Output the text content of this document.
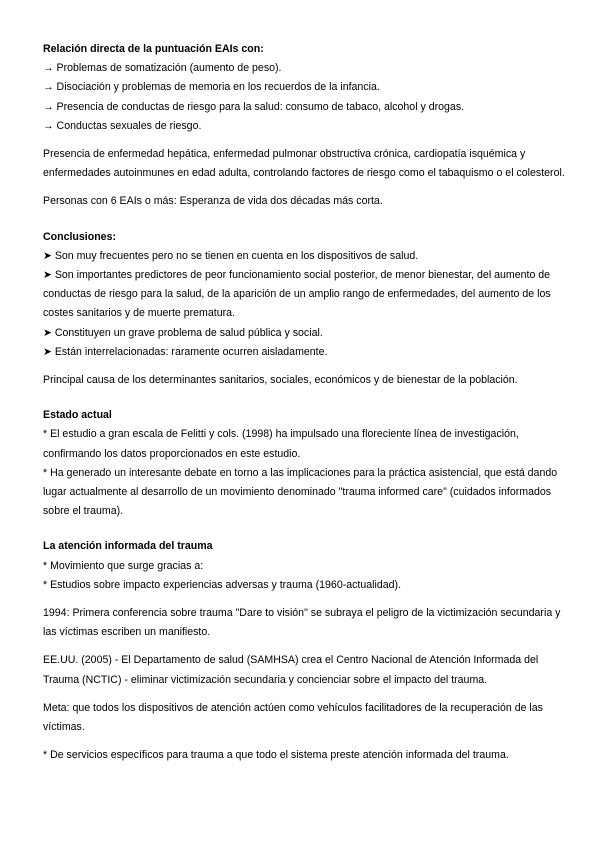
Relación directa de la puntuación EAIs con:
→ Problemas de somatización (aumento de peso).
→ Disociación y problemas de memoria en los recuerdos de la infancia.
→ Presencia de conductas de riesgo para la salud: consumo de tabaco, alcohol y drogas.
→ Conductas sexuales de riesgo.

Presencia de enfermedad hepática, enfermedad pulmonar obstructiva crónica, cardiopatía isquémica y enfermedades autoinmunes en edad adulta, controlando factores de riesgo como el tabaquismo o el colesterol.

Personas con 6 EAIs o más: Esperanza de vida dos décadas más corta.

Conclusiones:
➤ Son muy frecuentes pero no se tienen en cuenta en los dispositivos de salud.
➤ Son importantes predictores de peor funcionamiento social posterior, de menor bienestar, del aumento de conductas de riesgo para la salud, de la aparición de un amplio rango de enfermedades, del aumento de los costes sanitarios y de muerte prematura.
➤ Constituyen un grave problema de salud pública y social.
➤ Están interrelacionadas: raramente ocurren aisladamente.

Principal causa de los determinantes sanitarios, sociales, económicos y de bienestar de la población.

Estado actual
* El estudio a gran escala de Felitti y cols. (1998) ha impulsado una floreciente línea de investigación, confirmando los datos proporcionados en este estudio.
* Ha generado un interesante debate en torno a las implicaciones para la práctica asistencial, que está dando lugar actualmente al desarrollo de un movimiento denominado "trauma informed care" (cuidados informados sobre el trauma).
La atención informada del trauma
* Movimiento que surge gracias a:
* Estudios sobre impacto experiencias adversas y trauma (1960-actualidad).

1994: Primera conferencia sobre trauma "Dare to visión" se subraya el peligro de la victimización secundaria y las víctimas escriben un manifiesto.

EE.UU. (2005) - El Departamento de salud (SAMHSA) crea el Centro Nacional de Atención Informada del Trauma (NCTIC) - eliminar victimización secundaria y concienciar sobre el impacto del trauma.

Meta: que todos los dispositivos de atención actúen como vehículos facilitadores de la recuperación de las víctimas.

* De servicios específicos para trauma a que todo el sistema preste atención informada del trauma.
